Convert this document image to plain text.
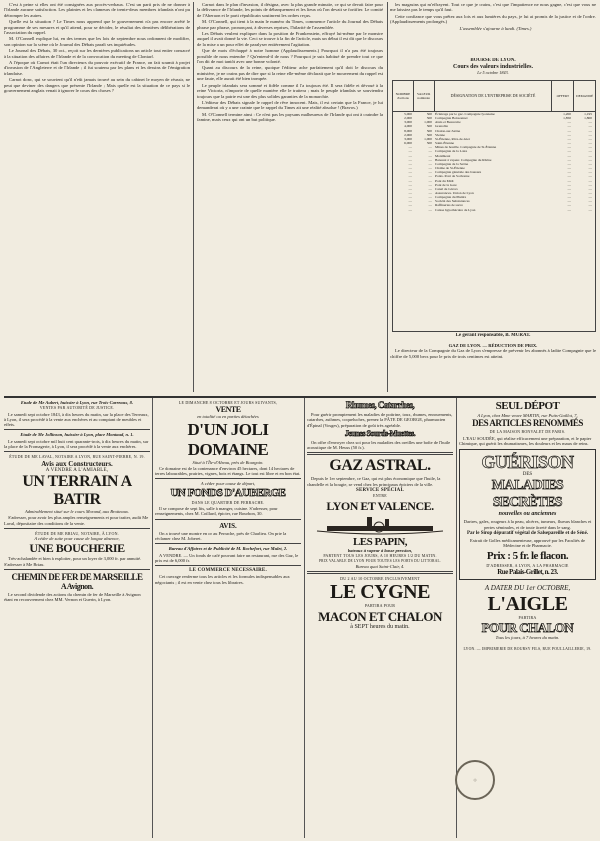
C'est à peine si elles ont été consignées aux procès-verbaux. C'est un parti pris de ne donner à l'Irlande aucune satisfaction. Les plaintes et les clameurs de trente-deux membres irlandais n'ont pu détromper les autres.

Quelle est la situation ? Le Times nous apprend que le gouvernement n'a pas encore arrêté le programme de ses mesures et qu'il attend, pour se décider, le résultat des dernières délibérations de l'association du rappel.

M. O'Connell explique lui, en des termes que les lois de septembre nous ordonnent de modifier, son opinion sur la scène où le Journal des Débats paraît ses inquiétudes.

Le Journal des Débats, 30 oct., reçoit sur les dernières publications un article tout entier consacré à la situation des affaires de l'Irlande et de la convocation du meeting de Clontarf.

A l'époque où Carnot était l'un directeurs du pouvoir exécutif de France, on fait soumit à projet d'invasion de l'Angleterre et de l'Irlande ; il fut soutenu par les plans et les dessins de l'émigration irlandaise.

Carnot donc, qui se souvient qu'il n'eût jamais trouvé au sein du cabinet le moyen de réussir, ne peut que deviner des dangers que présente l'Irlande ; Mais quelle est la situation de ce pays si le gouvernement anglais venait à ignorer le cours des choses ?

Carnot dans le plan d'invasion, il désigna, avec la plus grande minutie, ce qui se devait faire pour la délivrance de l'Irlande, les points de débarquement et les lieux où l'on devait se fortifier. Le comité de l'Aberaon et le parti républicain soutinrent les ordres reçus.

M. O'Connell, qui tient à la main le numéro du Times, commence l'article du Journal des Débats phrase par phrase, prononçant, à diverses reprises, l'hilarité de l'assemblée.

Les Débats veulent expliquer dans la position de Frankenstein, effrayé lui-même par le monstre auquel il avait donné la vie. Ceci se trouve à la fin de l'article, mais un début il est dit que le discours de la mise a un pour effet de paralyser entièrement l'agitation.

Que de mots d'échappé à notre homme (Applaudissements.) Pourquoi il n'a pas été toujours possible de nous entendre ? Qu'entend-il de nous ? Pourquoi je suis habitué de prendre tout ce que l'on dit de moi tantôt avec une bonne volonté.

Quant au discours de la reine, quoique l'éditeur ache parfaitement qu'il doit le discours du ministère, je ne crains pas de dire que si la reine elle-même déclarait que le mouvement du rappel est une faute, elle aurait été bien trompée.

Le peuple irlandais sera sommé et fidèle comme il l'a toujours été. Il sera fidèle et dévoué à la reine Victoria, n'importe de quelle manière elle le traitera ; mais le peuple irlandais se souviendra toujours que la patrie est une des plus solides garanties de la monarchie.

L'éditeur des Débats signale le rappel de rêve innocent. Mais, il est certain que la France, je lui demanderai où y a une crainte que le rappel du Times ait une réalité absolue ! (Bravos.)

M. O'Connell termine ainsi : Ce n'est pas les paysans malheureux de l'Irlande qui ont à craindre la famine, mais ceux qui ont un but politique.

les magasins qui m'effrayent. Tout ce que je crains, c'est que l'impatience ne nous gagne, c'est que vous ne me laissiez pas le temps qu'il faut.

Cette confiance que vous prêtez aux lois et aux lumières du pays, je lui ai promis de la justice et de l'ordre. (Applaudissements prolongés.)

L'assemblée s'ajourne à lundi. (Times.)

BOURSE DE LYON.
Cours des valeurs industrielles.
Le 5 octobre 1843.
NOMBRE d'actions
VALEUR nominale	DÉSIGNATION DE L'ENTREPRISE DE SOCIÉTÉ	OFFERT	DEMANDÉ
5,000	500 Éclairage par le gaz. Compagnie lyonnaise	1,200	1,195
2,000	500 Compagnie Boissonnet	1,850	1,800
3,000	1,000 Alais et Beaucaire	—	—
4,000	500 Grenoble	—	—
8,000	500 Chalon-sur-Saône	—	—
2,000	500 Vienne	—	—
3,000	1,000 St-Étienne, Rive-de-Gier	—	—
6,000	500 Saint-Étienne	—	—
—	— Mines de houille. Compagnie de St-Étienne	—	—
—	— Compagnie de la Loire	—	—
—	— Monthieux	—	—
—	— Bateaux à vapeur. Compagnie du Rhône	—	—
—	— Compagnie de la Saône	—	—
—	— Chaîne de St-Étienne	—	—
—	— Compagnie générale des bateaux	—	—
—	— Ponts. Pont de Sorbonne	—	—
—	— Pont du Midi	—	—
—	— Pont de la Gare	—	—
—	— Canal de Givors	—	—
—	— Assurances. Union de Lyon	—	—
—	— Compagnie du Phénix	—	—
—	— Société des Subsistances	—	—
—	— Raffineries de sucre	—	—
—	— Caisse hypothécaire de Lyon	—	—
Le gérant responsable, B. MURAT.
GAZ DE LYON. — RÉDUCTION DE PRIX.

Le directeur de la Compagnie du Gaz de Lyon s'empresse de prévenir les abonnés à ladite Compagnie que le chiffre de 5,000 becs pour le prix de trois centimes est atteint.

Etude de Me Aubert, huissier à Lyon, rue Trois-Carreaux, 8.
VENTES PAR AUTORITÉ DE JUSTICE.

Le samedi sept octobre 1843, à dix heures du matin, sur la place des Terreaux, à Lyon, il sera procédé à la vente aux enchères et au comptant de meubles et effets.

Etude de Me Jollinson, huissier à Lyon, place Montaud, n. 1.

Le samedi sept octobre mil huit cent quarante-trois, à dix heures du matin, sur la place de la Fromagerie, à Lyon, il sera procédé à la vente aux enchères.

ÉTUDE DE ME LAVAL, NOTAIRE A LYON, RUE SAINT-PIERRE, N. 19.
Avis aux Constructeurs.
A VENDRE A L'AMIABLE,
UN TERRAIN A BATIR
Admirablement situé sur le cours Morand, aux Brotteaux.

S'adresser, pour avoir les plus amples renseignements et pour traiter, audit Me Laval, dépositaire des conditions de la vente.

ÉTUDE DE ME BRIAU, NOTAIRE, À LYON.
A céder de suite pour cause de longue absence,
UNE BOUCHERIE

Très-achalandée et bien à exploiter, pour un loyer de 3,000 fr. par annuité. S'adresser à Me Briau.

CHEMIN DE FER DE MARSEILLE
A Avignon.

Le second dividende des actions du chemin de fer de Marseille à Avignon étant en recouvrement chez MM. Vernon et Guerin, à Lyon.

LE DIMANCHE 8 OCTOBRE ET JOURS SUIVANTS,
VENTE
en totalité ou en parties détachées
D'UN JOLI DOMAINE
Situé à l'Île-d'Abeau, près de Bourgoin.

Ce domaine est de la contenance d'environ 45 hectares, dont 14 hectares de terres labourables, prairies, vignes, bois et étangs. Le tout est libre et en bon état.

A céder pour cause de départ,
UN FONDS D'AUBERGE
DANS LE QUARTIER DE PERRACHE.

Il se compose de sept lits, salle à manger, cuisine. S'adresser, pour renseignements, chez M. Coillard, épicier, rue Bourbon, 30.

AVIS.

On a trouvé une montre en or au Perrache, près de Charlieu. On prie la réclamer chez M. Joberet.

Bureau d'Affaires et de Publicité de M. Rochefort, rue Mulet, 2.

A VENDRE. — Un fonds de café pouvant faire un restaurant, rue des Gaz, le prix est de 6,000 fr.

LE COMMERCE NECESSAIRE.

Cet ouvrage renferme tous les articles et les formules indispensables aux négociants ; il est en vente chez tous les libraires.

Rhumes, Catarrhes,

Pour guérir promptement les maladies de poitrine, toux, rhumes, enrouements, catarrhes, asthmes, coqueluches, prenez la PÂTE DE GEORGE, pharmacien d'Épinal (Vosges), préparation de goût très agréable.

Jeunes Sourds-Muettes.

On offre d'envoyer chez soi pour les maladies des oreilles une boîte de l'huile acoustique de M. Heuss (50 fr.).

GAZ ASTRAL.

Depuis le 1er septembre, ce Gaz, qui est plus économique que l'huile, la chandelle et la bougie, se vend chez les principaux épiciers de la ville.

SERVICE SPÉCIAL
ENTRE
LYON ET VALENCE.
LES PAPIN,
bateaux à vapeur à basse pression,
PARTENT TOUS LES JOURS, A 10 HEURES 1/2 DU MATIN.
PRIX VALABLE DE LYON POUR TOUTES LES PORTS DU LITTORAL.
Bureau quai Saint-Clair, 4.
DU 2 AU 10 OCTOBRE INCLUSIVEMENT
LE CYGNE
PARTIRA POUR
MACON ET CHALON
à SEPT heures du matin.
SEUL DÉPOT
A Lyon, chez Mme veuve MARTIN, rue Puits-Gaillot, 7,
DES ARTICLES RENOMMÉS
DE LA MAISON BONVALET DE PARIS.

L'EAU SOUDÉE, qui réalise efficacement une préparation, et le papier Chimique, qui guérit les rhumatismes, les douleurs et les maux de reins.

GUÉRISON
DES
MALADIES SECRÈTES
nouvelles ou anciennes

Dartres, gales, rougeurs à la peau, ulcères, tumeurs, flueurs blanches et pertes séminales, et de toute âcreté dans le sang.

Par le Sirop dépuratif végétal de Salsepareille et de Séné.

Extrait de Golles médicamenteuse, approuvé par les Facultés de Médecine et de Pharmacie.

Prix : 5 fr. le flacon.
D'ADRESSER, A LYON, A LA PHARMACIE
Rue Palais-Grillet, n. 23.
A DATER DU 1er OCTOBRE,
L'AIGLE
PARTIRA
POUR CHALON
Tous les jours, à 7 heures du matin.
LYON. — IMPRIMERIE DE BOURSY FILS, RUE POULLAILLERIE, 19.
◎
